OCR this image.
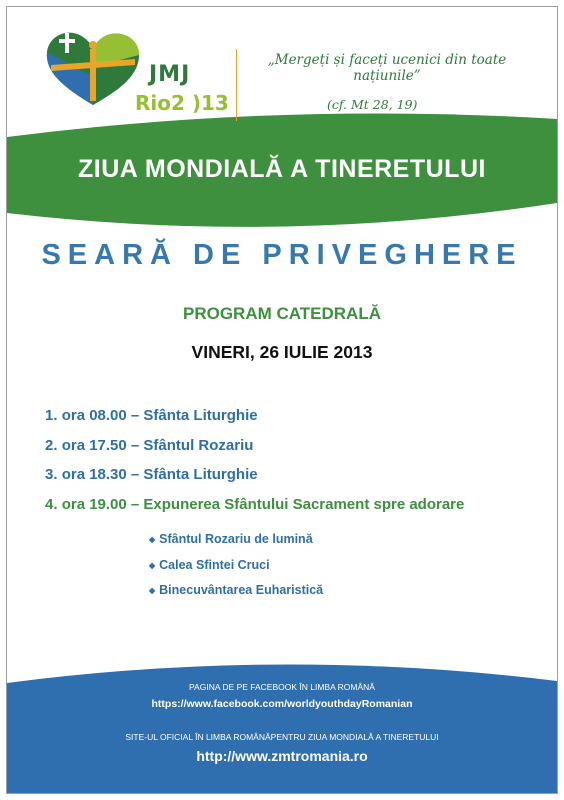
JMJ
Rio2 )13
„Mergeți și faceți ucenici din toate națiunile”
(cf. Mt 28, 19)
ZIUA MONDIALĂ A TINERETULUI
SEARĂ DE PRIVEGHERE
PROGRAM CATEDRALĂ
VINERI, 26 IULIE 2013
1. ora 08.00 – Sfânta Liturghie
2. ora 17.50 – Sfântul Rozariu
3. ora 18.30 – Sfânta Liturghie
4. ora 19.00 – Expunerea Sfântului Sacrament spre adorare
◆ Sfântul Rozariu de lumină
◆ Calea Sfintei Cruci
◆ Binecuvântarea Euharistică
PAGINA DE PE FACEBOOK ÎN LIMBA ROMÂNĂ
https://www.facebook.com/worldyouthdayRomanian
SITE-UL OFICIAL ÎN LIMBA ROMÂNĂPENTRU ZIUA MONDIALĂ A TINERETULUI
http://www.zmtromania.ro
